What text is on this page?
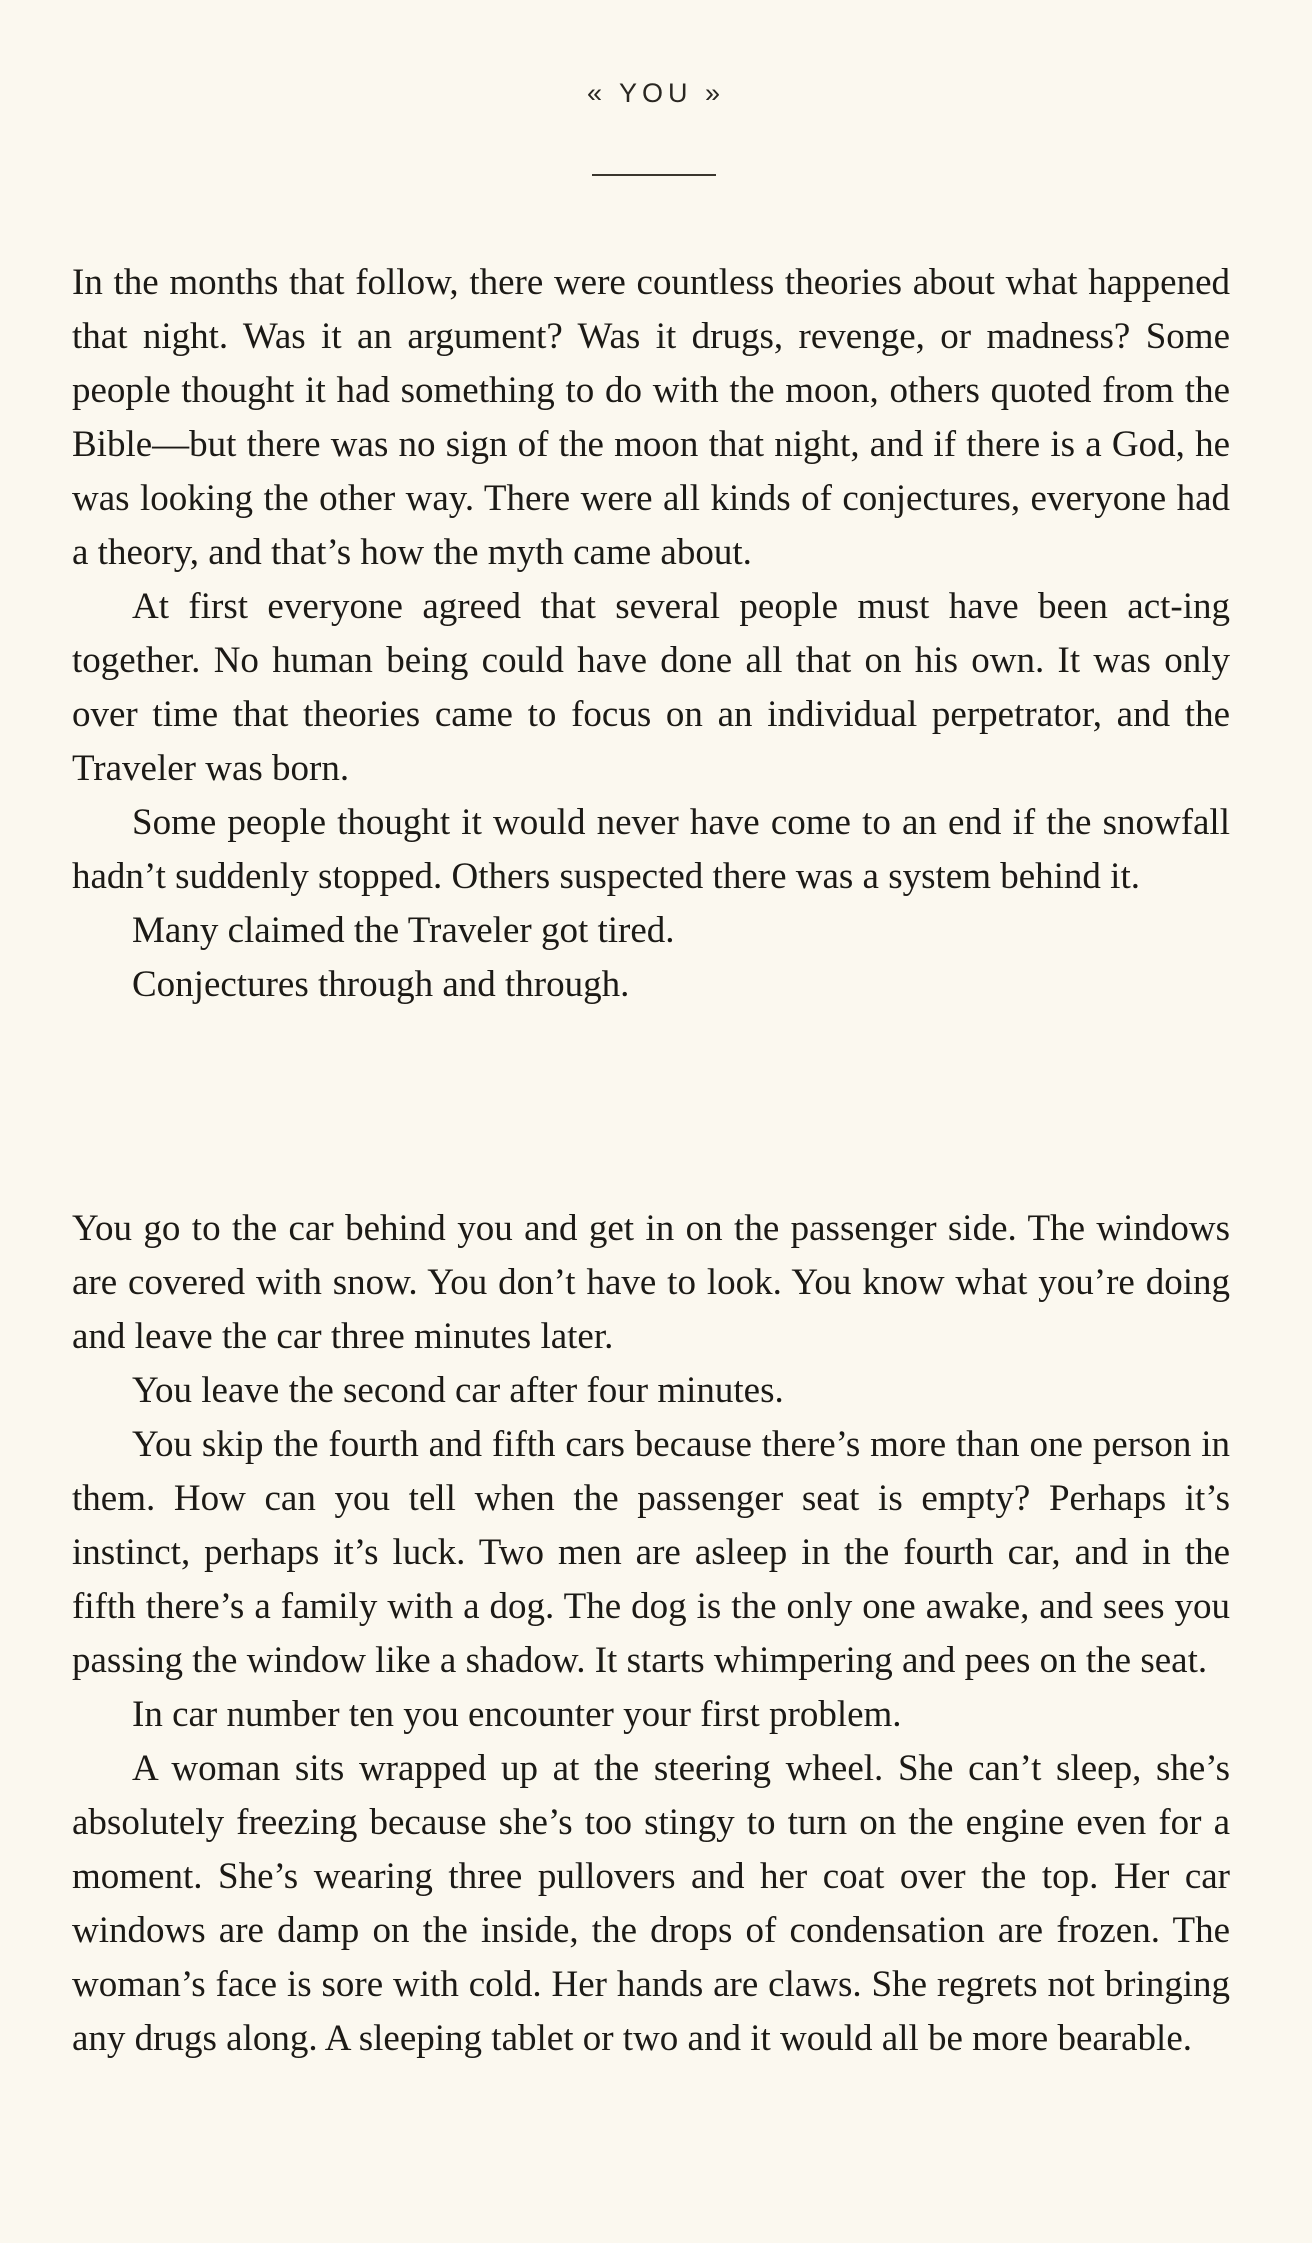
« YOU »

In the months that follow, there were countless theories about what happened that night. Was it an argument? Was it drugs, revenge, or madness? Some people thought it had something to do with the moon, others quoted from the Bible—but there was no sign of the moon that night, and if there is a God, he was looking the other way. There were all kinds of conjectures, everyone had a theory, and that’s how the myth came about.

At first everyone agreed that several people must have been act-ing together. No human being could have done all that on his own. It was only over time that theories came to focus on an individual perpetrator, and the Traveler was born.

Some people thought it would never have come to an end if the snowfall hadn’t suddenly stopped. Others suspected there was a system behind it.

Many claimed the Traveler got tired.

Conjectures through and through.

You go to the car behind you and get in on the passenger side. The windows are covered with snow. You don’t have to look. You know what you’re doing and leave the car three minutes later.

You leave the second car after four minutes.

You skip the fourth and fifth cars because there’s more than one person in them. How can you tell when the passenger seat is empty? Perhaps it’s instinct, perhaps it’s luck. Two men are asleep in the fourth car, and in the fifth there’s a family with a dog. The dog is the only one awake, and sees you passing the window like a shadow. It starts whimpering and pees on the seat.

In car number ten you encounter your first problem.

A woman sits wrapped up at the steering wheel. She can’t sleep, she’s absolutely freezing because she’s too stingy to turn on the engine even for a moment. She’s wearing three pullovers and her coat over the top. Her car windows are damp on the inside, the drops of condensation are frozen. The woman’s face is sore with cold. Her hands are claws. She regrets not bringing any drugs along. A sleeping tablet or two and it would all be more bearable.
